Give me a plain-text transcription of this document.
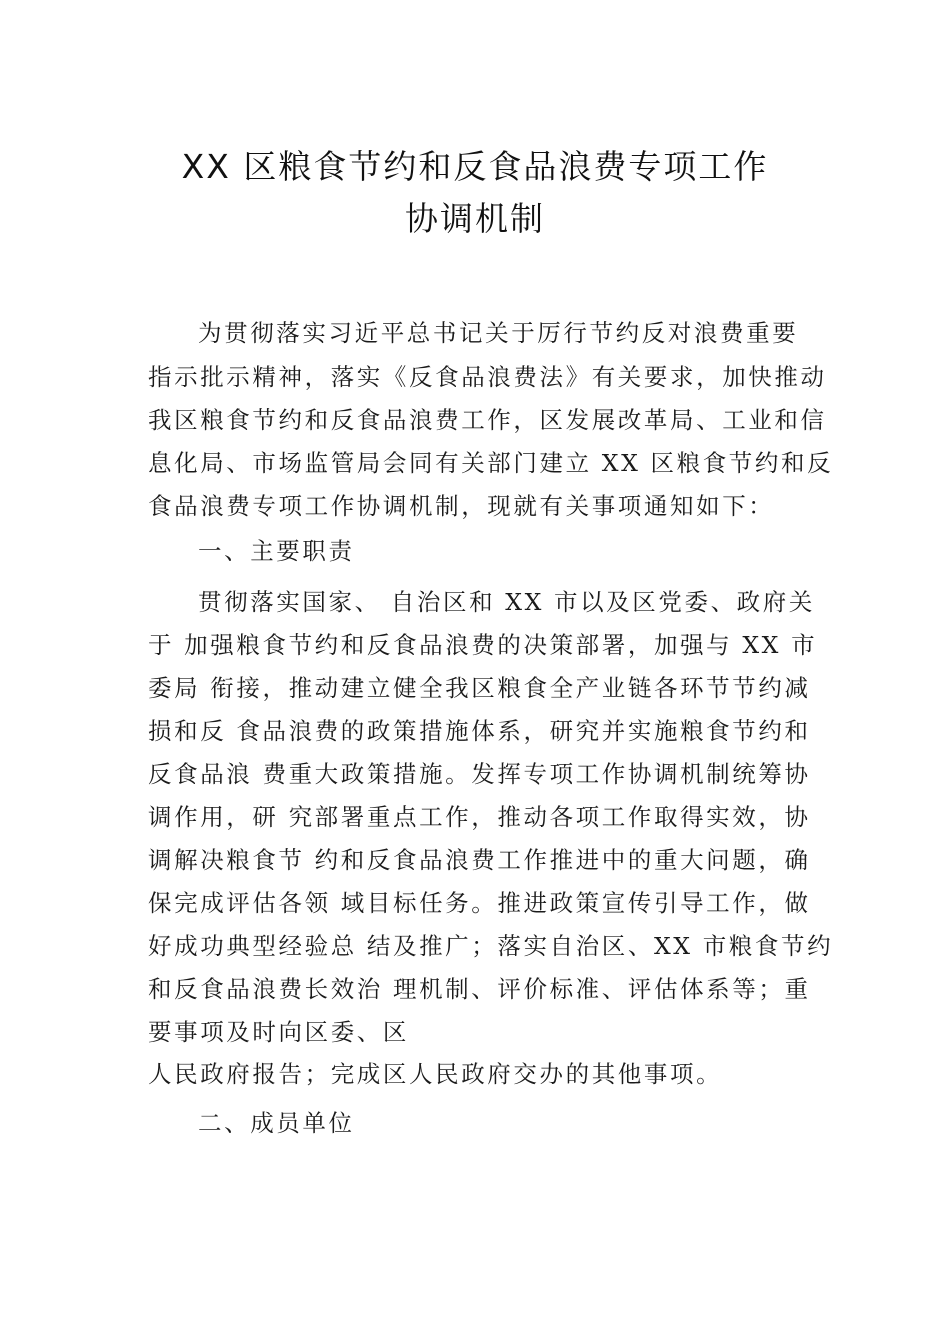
XX 区粮食节约和反食品浪费专项工作
协调机制
为贯彻落实习近平总书记关于厉行节约反对浪费重要
指示批示精神，落实《反食品浪费法》有关要求，加快推动
我区粮食节约和反食品浪费工作，区发展改革局、工业和信
息化局、市场监管局会同有关部门建立 XX 区粮食节约和反
食品浪费专项工作协调机制，现就有关事项通知如下：
一、主要职责
贯彻落实国家、 自治区和 XX 市以及区党委、政府关
于 加强粮食节约和反食品浪费的决策部署，加强与 XX 市
委局 衔接，推动建立健全我区粮食全产业链各环节节约减
损和反 食品浪费的政策措施体系，研究并实施粮食节约和
反食品浪 费重大政策措施。发挥专项工作协调机制统筹协
调作用，研 究部署重点工作，推动各项工作取得实效，协
调解决粮食节 约和反食品浪费工作推进中的重大问题，确
保完成评估各领 域目标任务。推进政策宣传引导工作，做
好成功典型经验总 结及推广；落实自治区、XX 市粮食节约
和反食品浪费长效治 理机制、评价标准、评估体系等；重
要事项及时向区委、区
人民政府报告；完成区人民政府交办的其他事项。
二、成员单位
